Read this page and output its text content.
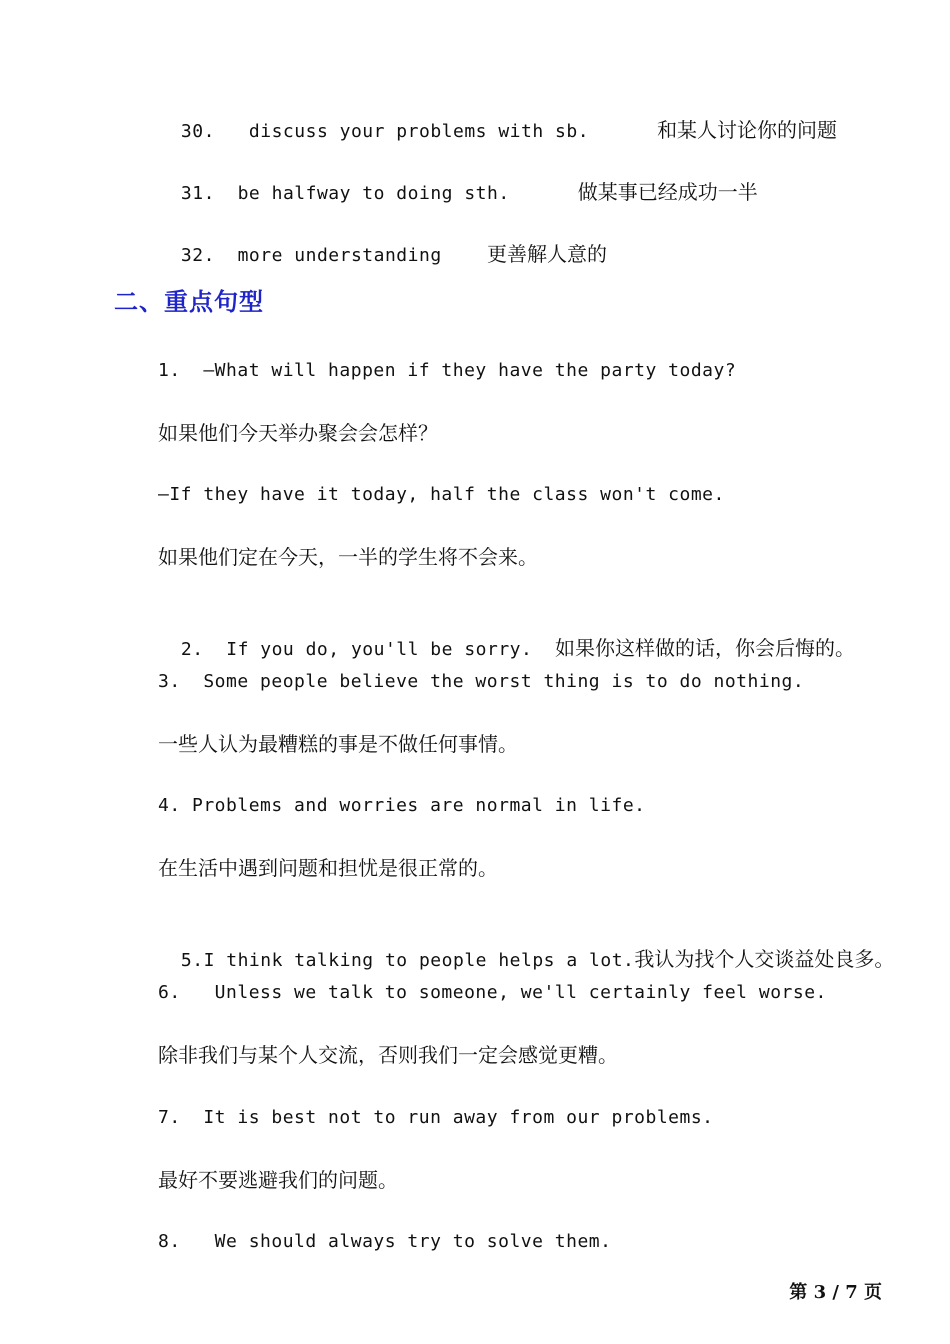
30. discuss your problems with sb.	和某人讨论你的问题

31. be halfway to doing sth.	做某事已经成功一半

32. more understanding 更善解人意的

二、重点句型
1.  —What will happen if they have the party today?
如果他们今天举办聚会会怎样？
—If they have it today, half the class won't come.
如果他们定在今天，一半的学生将不会来。

2.  If you do, you'll be sorry. 如果你这样做的话，你会后悔的。

3.  Some people believe the worst thing is to do nothing.
一些人认为最糟糕的事是不做任何事情。
4. Problems and worries are normal in life.
在生活中遇到问题和担忧是很正常的。

5.I think talking to people helps a lot.我认为找个人交谈益处良多。

6.   Unless we talk to someone, we'll certainly feel worse.
除非我们与某个人交流，否则我们一定会感觉更糟。
7.  It is best not to run away from our problems.
最好不要逃避我们的问题。
8.   We should always try to solve them.
第 3 / 7 页
